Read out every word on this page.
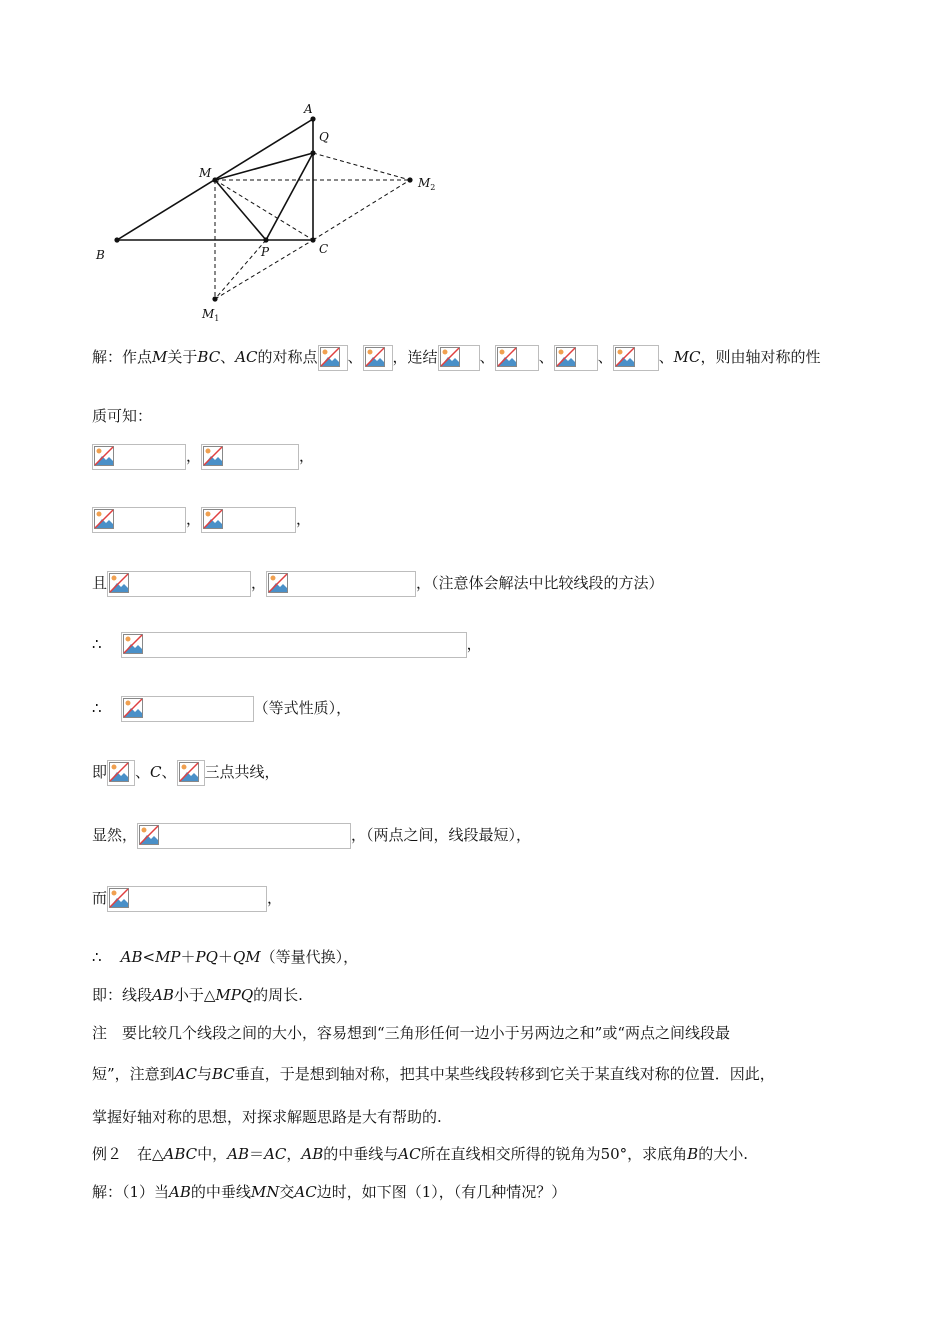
A
Q
M
$M_2$
B	P	C
$M_1$
解：作点M关于BC、AC的对称点 、 ，连结	、	、	、	、MC，则由轴对称的性
质可知：
，	，
，	，
且	，	，（注意体会解法中比较线段的方法）
∴	，
∴	（等式性质），
即 、C、 三点共线，
显然，	，（两点之间，线段最短），
而	，
∴ AB<MP＋PQ＋QM（等量代换），
即：线段AB小于△MPQ的周长.
注　要比较几个线段之间的大小，容易想到“三角形任何一边小于另两边之和”或“两点之间线段最
短”，注意到AC与BC垂直，于是想到轴对称，把其中某些线段转移到它关于某直线对称的位置．因此，
掌握好轴对称的思想，对探求解题思路是大有帮助的.
例２　在△ABC中，AB＝AC，AB的中垂线与AC所在直线相交所得的锐角为50°，求底角B的大小.
解：（1）当AB的中垂线MN交AC边时，如下图（1），（有几种情况？）
